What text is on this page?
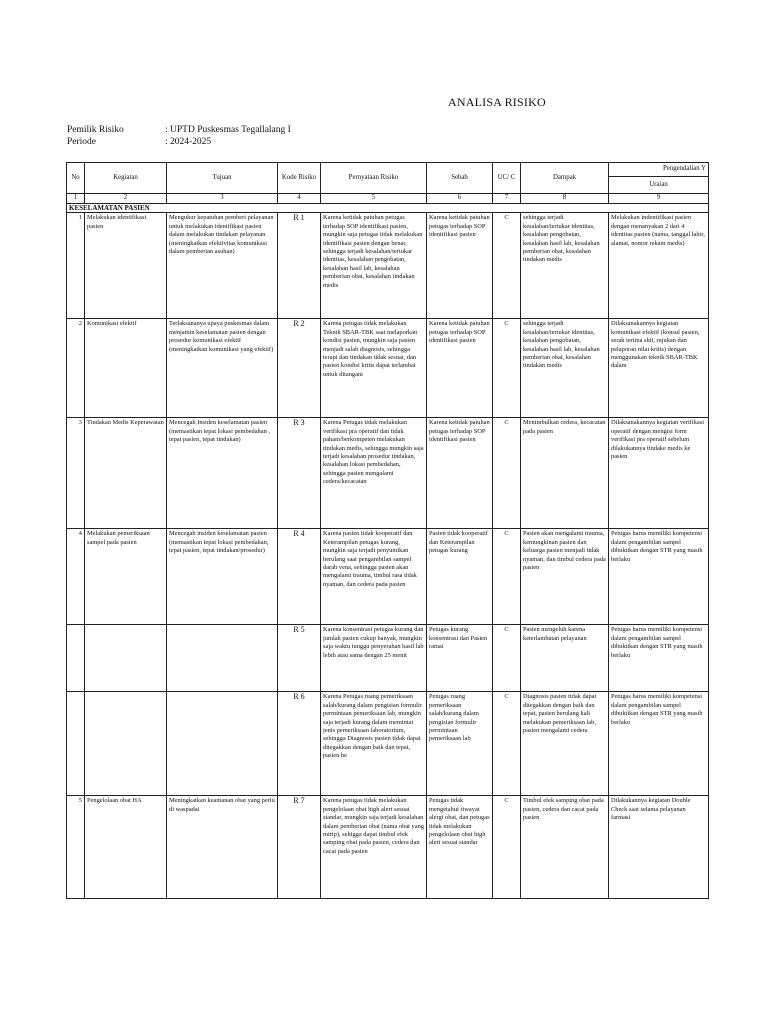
ANALISA RISIKO
Pemilik Risiko	: UPTD Puskesmas Tegallalang I
Periode	: 2024-2025
No	Kegiatan	Tujuan	Kode Risiko	Pernyataan Risiko	Sebab	UC/ C	Dampak	Pengendalian Y
								Uraian
1	2	3	4	5	6	7	8	9
KESELAMATAN PASIEN								
1	Melakukan identifikasi pasien	Mengukur kepatuhan pemberi pelayanan untuk melakukan identifikasi pasien dalam melakukan tindakan pelayanan (meningkatkan efektivitas komunikasi dalam pemberian asuhan)	R 1	Karena ketidak patuhan petugas terhadap SOP identifikasi pasien, mungkin saja petugas tidak melakukan identifikasi pasien dengan benar, sehingga terjadi kesalahan/tertukar identitas, kesalahan pengobatan, kesalahan hasil lab, kesalahan pemberian obat, kesalahan tindakan medis	Karena ketidak patuhan petugas terhadap SOP identifikasi pasien	C	sehingga terjadi kesalahan/tertukar identitas, kesalahan pengobatan, kesalahan hasil lab, kesalahan pemberian obat, kesalahan tindakan medis	Melakukan indentifikasi pasien dengan menanyakan 2 dari 4 identitas pasien (nama, tanggal lahir, alamat, nomor rekam medis)
2	Komunikasi efektif	Terlaksananya upaya puskesmas dalam menjamin keselamatan pasien dengan prosedur komunikasi efektif (meningkatkan komunikasi yang efektif)	R 2	Karena petugas tidak melakukan Teknik SBAR-TBK saat melaporkan kondisi pasien, mungkin saja pasien menjadi salah diagnosis, sehingga terapi dan tindakan tidak sesuai, dan pasien kondisi kritis dapat terlambat untuk ditangani	Karena ketidak patuhan petugas terhadap SOP identifikasi pasien	C	sehingga terjadi kesalahan/tertukar identitas, kesalahan pengobatan, kesalahan hasil lab, kesalahan pemberian obat, kesalahan tindakan medis	Dilaksanakannya kegiatan komunikasi efektif (konsul pasien, serah terima shit, rujukan dan pelaporan nilai kritis) dengan menggunakan teknik SBAR-TBK dalam
3	Tindakan Medis Keperawatan	Mencegah Insiden keselamatan pasien (memastikan tepat lokasi pembedahan , tepat pasien, tepat tindakan)	R 3	Karena Petugas tidak melakukan verifikasi pra operatif dan tidak paham/berkompeten melakukan tindakan medis, sehingga mungkin saja terjadi kesalahan prosedur tindakan, kesalahan lokasi pembedahan, sehingga pasien mengalami cedera/kecacatan	Karena ketidak patuhan petugas terhadap SOP identifikasi pasien	C	Menimbulkan cedera, kecacatan pada pasien	Dilaksanakannya kegiatan verifikasi operatif dengan mengisi form verifikasi pra operatif sebelum dilakukannya tindake medis ke pasien
4	Melakukan pemeriksaan sampel pada pasien	Mencegah insiden keselamatan pasien (memastikan tepat lokasi pembedahan, tepat pasien, tepat tindakan/prosedur)	R 4	Karena pasien tidak kooperatif dan Keterampilan petugas kurang, mungkin saja terjadi penyuntikan berulang saat pengambilan sampel darah vena, sehingga pasien akan mengalami trauma, timbul rasa tidak nyaman, dan cedera pada pasien	Pasien tidak kooperatif dan Keterampilan petugas kurang	C	Pasien akan mengalami trauma, kemungkinan pasien dan keluarga pasien menjadi tidak nyaman, dan timbul cedera pada pasien	Petugas harus memiliki kompetensi dalam pengambilan sampel dibuktikan dengan STR yang masih berlaku
			R 5	Karena konsentrasi petugas kurang dan jumlah pasien cukup banyak, mungkin saja waktu tunggu penyerahan hasil lab lebih atau sama dengan 25 menit	Petugas kurang konsentrasi dan Pasien ramai	C	Pasien mengeluh karena keterlambatan pelayanan	Petugas harus memiliki kompetensi dalam pengambilan sampel dibuktikan dengan STR yang masih berlaku
			R 6	Karena Petugas ruang pemeriksaan salah/kurang dalam pengisian formulir permintaan pemeriksaan lab, mungkin saja terjadi kurang dalam memintai jenis pemeriksaan laboratorium, sehingga Diagnosis pasien tidak dapat ditegakkan dengan baik dan tepat, pasien be	Petugas ruang pemeriksaan salah/kurang dalam pengisian formulir permintaan pemeriksaan lab	C	Diagnosis pasien tidak dapat ditegakkan dengan baik dan tepat, pasien berulang kali melakukan pemeriksaan lab, pasien mengalami cedera	Petugas harus memiliki kompetensi dalam pengambilan sampel dibuktikan dengan STR yang masih berlaku
5	Pengelolaan obat HA	Meningkatkan keamanan obat yang perlu di waspadai	R 7	Karena petugas tidak melakukan pengelolaan obat high alert sesuai standar, mungkin saja terjadi kesalahan dalam pemberian obat (nama obat yang mirip), sehigga dapat timbul efek samping obat pada pasien, cedera dan cacat pada pasien	Petugas tidak mengetahui riwayat alergi obat, dan petugas tidak melakukan pengelolaan obat high alert sesuai standar	C	Timbul efek samping obat pada pasien, cedera dan cacat pada pasien	Dilakukannya kegiatan Double Check saat selama pelayanan farmasi
